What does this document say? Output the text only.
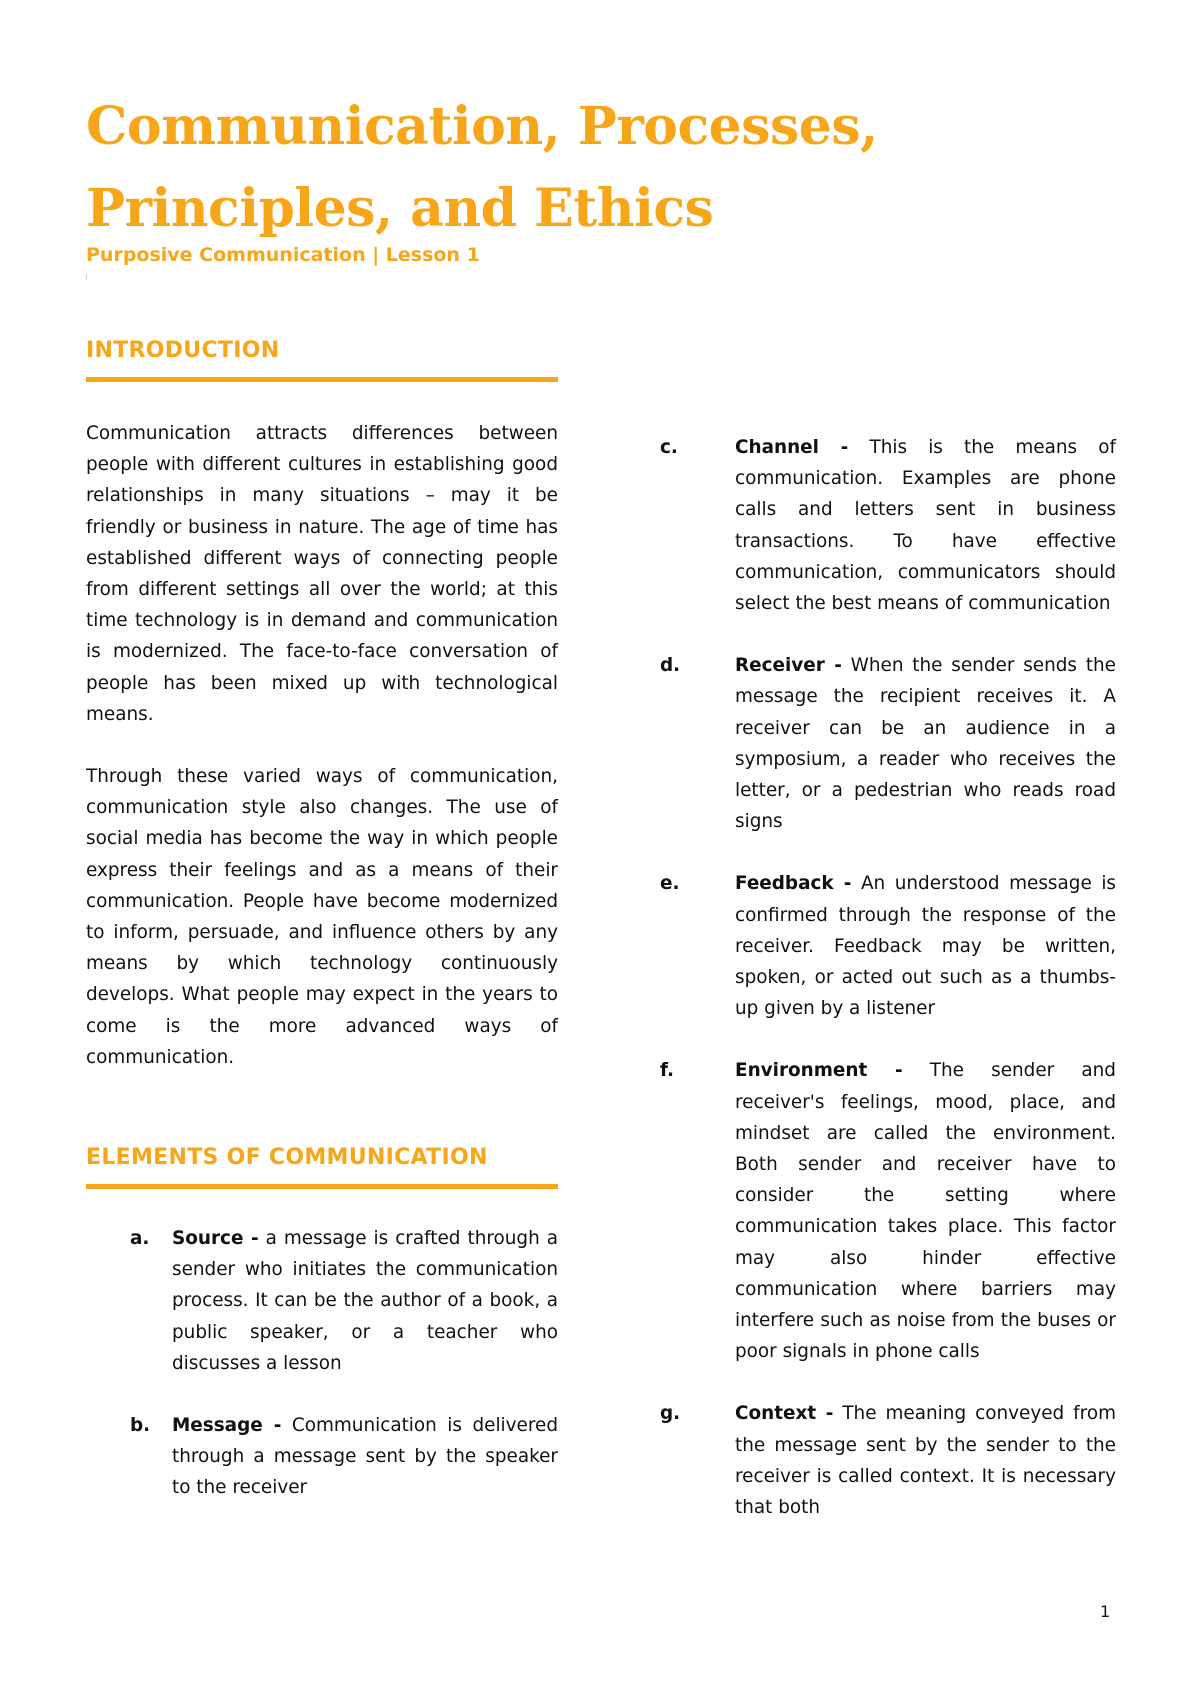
Communication, Processes, Principles, and Ethics
Purposive Communication | Lesson 1
INTRODUCTION

Communication attracts differences between people with different cultures in establishing good relationships in many situations – may it be friendly or business in nature. The age of time has established different ways of connecting people from different settings all over the world; at this time technology is in demand and communication is modernized. The face-to-face conversation of people has been mixed up with technological means.

Through these varied ways of communication, communication style also changes. The use of social media has become the way in which people express their feelings and as a means of their communication. People have become modernized to inform, persuade, and influence others by any means by which technology continuously develops. What people may expect in the years to come is the more advanced ways of communication.

ELEMENTS OF COMMUNICATION
a. Source - a message is crafted through a sender who initiates the communication process. It can be the author of a book, a public speaker, or a teacher who discusses a lesson

b. Message - Communication is delivered through a message sent by the speaker to the receiver

c.	Channel - This is the means of communication. Examples are phone calls and letters sent in business transactions. To have effective communication, communicators should select the best means of communication

d.	Receiver - When the sender sends the message the recipient receives it. A receiver can be an audience in a symposium, a reader who receives the letter, or a pedestrian who reads road signs

e.	Feedback - An understood message is confirmed through the response of the receiver. Feedback may be written, spoken, or acted out such as a thumbs-up given by a listener

f.	Environment - The sender and receiver's feelings, mood, place, and mindset are called the environment. Both sender and receiver have to consider the setting where communication takes place. This factor may also hinder effective communication where barriers may interfere such as noise from the buses or poor signals in phone calls

g.	Context - The meaning conveyed from the message sent by the sender to the receiver is called context. It is necessary that both

1
